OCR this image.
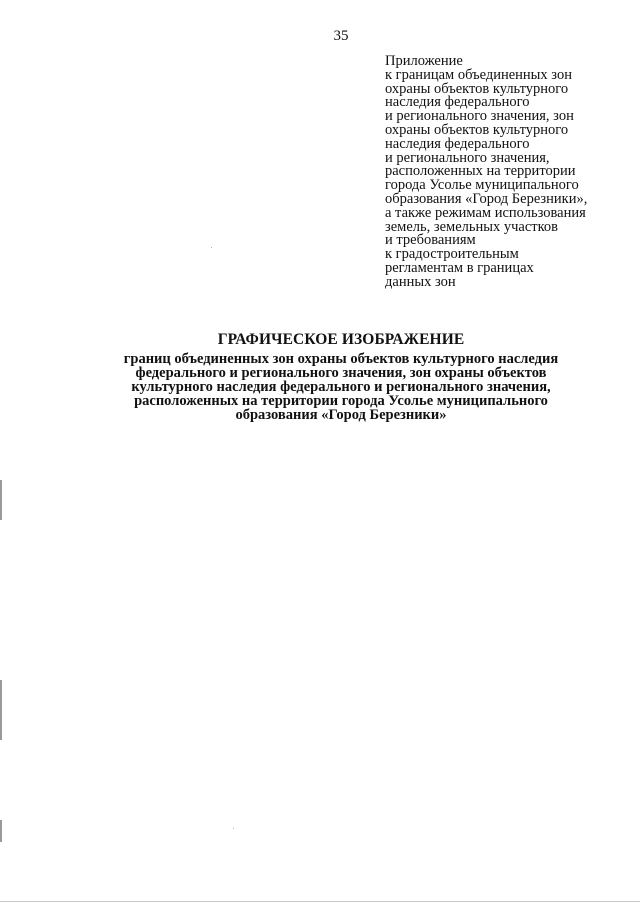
35
Приложение
к границам объединенных зон
охраны объектов культурного
наследия федерального
и регионального значения, зон
охраны объектов культурного
наследия федерального
и регионального значения,
расположенных на территории
города Усолье муниципального
образования «Город Березники»,
а также режимам использования
земель, земельных участков
и требованиям
к градостроительным
регламентам в границах
данных зон
ГРАФИЧЕСКОЕ ИЗОБРАЖЕНИЕ
границ объединенных зон охраны объектов культурного наследия
федерального и регионального значения, зон охраны объектов
культурного наследия федерального и регионального значения,
расположенных на территории города Усолье муниципального
образования «Город Березники»
